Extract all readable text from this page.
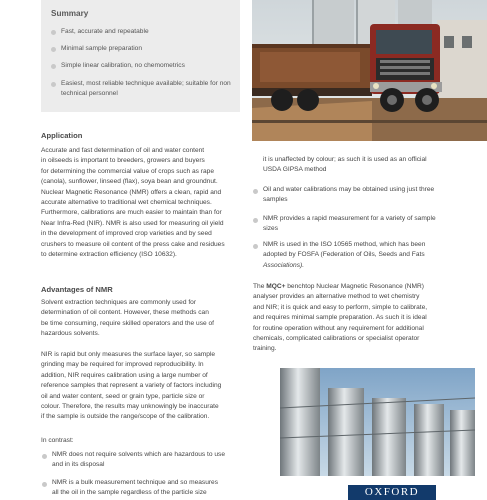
Summary
Fast, accurate and repeatable
Minimal sample preparation
Simple linear calibration, no chemometrics
Easiest, most reliable technique available; suitable for non technical personnel
Application
Accurate and fast determination of oil and water content
in oilseeds is important to breeders, growers and buyers
for determining the commercial value of crops such as rape
(canola), sunflower, linseed (flax), soya bean and groundnut.
Nuclear Magnetic Resonance (NMR) offers a clean, rapid and
accurate alternative to traditional wet chemical techniques.
Furthermore, calibrations are much easier to maintain than for
Near Infra-Red (NIR). NMR is also used for measuring oil yield
in the development of improved crop varieties and by seed
crushers to measure oil content of the press cake and residues
to determine extraction efficiency (ISO 10632).
Advantages of NMR
Solvent extraction techniques are commonly used for
determination of oil content. However, these methods can
be time consuming, require skilled operators and the use of
hazardous solvents.
NIR is rapid but only measures the surface layer, so sample
grinding may be required for improved reproducibility. In
addition, NIR requires calibration using a large number of
reference samples that represent a variety of factors including
oil and water content, seed or grain type, particle size or
colour. Therefore, the results may unknowingly be inaccurate
if the sample is outside the range/scope of the calibration.
In contrast:
NMR does not require solvents which are hazardous to use
and in its disposal
NMR is a bulk measurement technique and so measures
all the oil in the sample regardless of the particle size
it is unaffected by colour; as such it is used as an official
USDA GIPSA method
Oil and water calibrations may be obtained using just three
samples
NMR provides a rapid measurement for a variety of sample
sizes
NMR is used in the ISO 10565 method, which has been
adopted by FOSFA (Federation of Oils, Seeds and Fats
Associations).
The MQC+ benchtop Nuclear Magnetic Resonance (NMR)
analyser provides an alternative method to wet chemistry
and NIR; it is quick and easy to perform, simple to calibrate,
and requires minimal sample preparation. As such it is ideal
for routine operation without any requirement for additional
chemicals, complicated calibrations or specialist operator
training.
OXFORD
